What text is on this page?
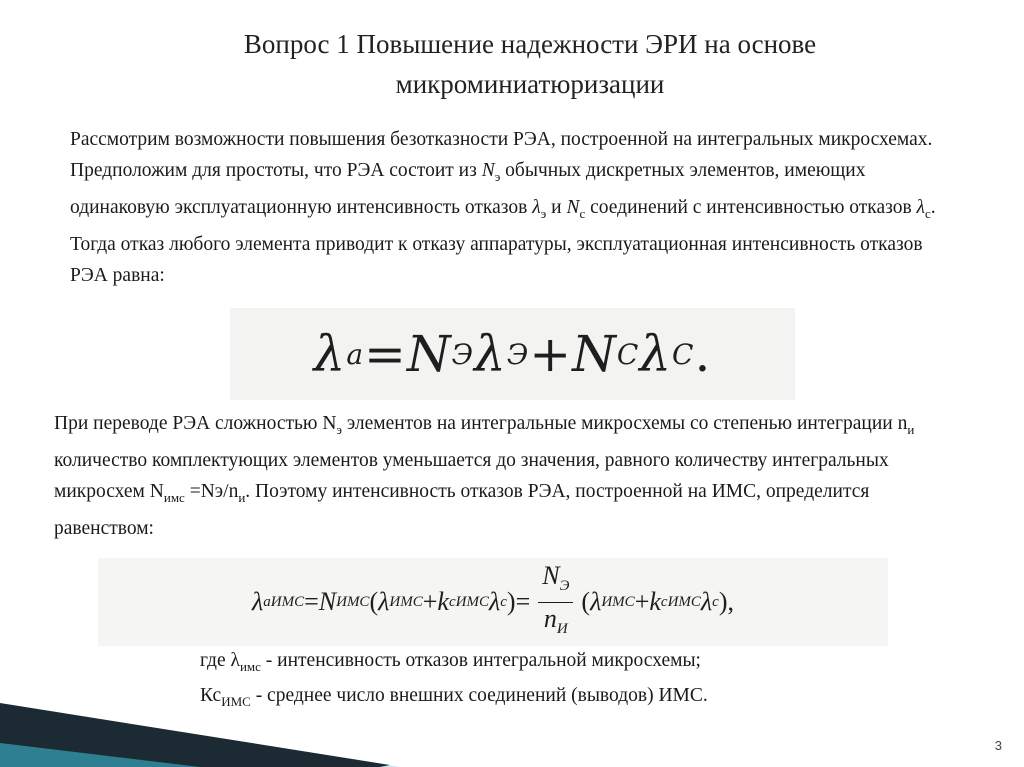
Вопрос 1 Повышение надежности ЭРИ на основе микроминиатюризации
Рассмотрим возможности повышения безотказности РЭА, построенной на интегральных микросхемах. Предположим для простоты, что РЭА состоит из $N_э$ обычных дискретных элементов, имеющих одинаковую эксплуатационную интенсивность отказов $\lambda_э$ и $N_с$ соединений с интенсивностью отказов $\lambda_с$. Тогда отказ любого элемента приводит к отказу аппаратуры, эксплуатационная интенсивность отказов РЭА равна:
λ a = N Э λ Э + N C λ C .
При переводе РЭА сложностью $N_э$ элементов на интегральные микросхемы со степенью интеграции $n_и$ количество комплектующих элементов уменьшается до значения, равного количеству интегральных микросхем $N_{имс} =Nэ/n_и$. Поэтому интенсивность отказов РЭА, построенной на ИМС, определится равенством:
λ аИМС = N ИМС ( λ ИМС + k сИМС λ с ) = $\frac{N_Э}{n_И}$ ( λ ИМС + k сИМС λ с ) ,
где $\lambda_{имс}$ - интенсивность отказов интегральной микросхемы;
$Кс_{ИМС}$ - среднее число внешних соединений (выводов) ИМС.
3
